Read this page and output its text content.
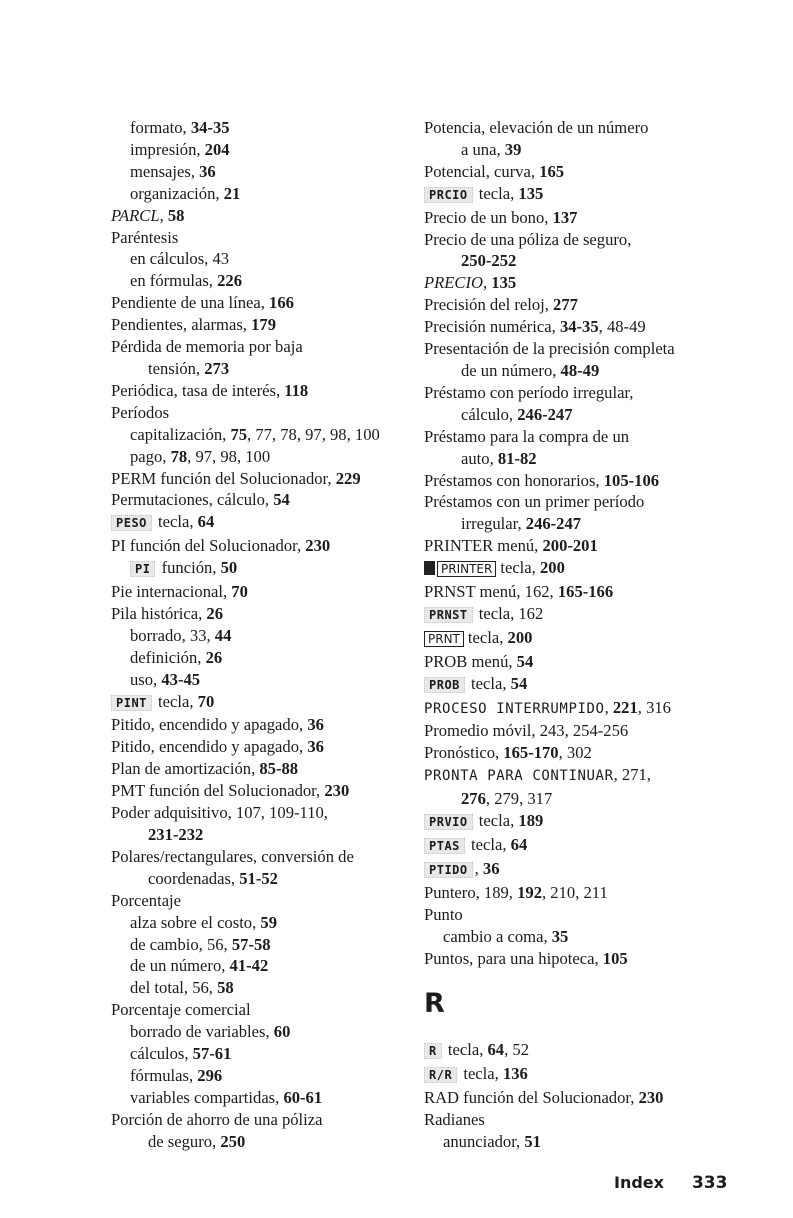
formato, 34-35
impresión, 204
mensajes, 36
organización, 21
PARCL, 58
Paréntesis
en cálculos, 43
en fórmulas, 226
Pendiente de una línea, 166
Pendientes, alarmas, 179
Pérdida de memoria por baja
tensión, 273
Periódica, tasa de interés, 118
Períodos
capitalización, 75, 77, 78, 97, 98, 100
pago, 78, 97, 98, 100
PERM función del Solucionador, 229
Permutaciones, cálculo, 54
PESO tecla, 64
PI función del Solucionador, 230
PI función, 50
Pie internacional, 70
Pila histórica, 26
borrado, 33, 44
definición, 26
uso, 43-45
PINT tecla, 70
Pitido, encendido y apagado, 36
Pitido, encendido y apagado, 36
Plan de amortización, 85-88
PMT función del Solucionador, 230
Poder adquisitivo, 107, 109-110,
231-232
Polares/rectangulares, conversión de
coordenadas, 51-52
Porcentaje
alza sobre el costo, 59
de cambio, 56, 57-58
de un número, 41-42
del total, 56, 58
Porcentaje comercial
borrado de variables, 60
cálculos, 57-61
fórmulas, 296
variables compartidas, 60-61
Porción de ahorro de una póliza
de seguro, 250
Potencia, elevación de un número
a una, 39
Potencial, curva, 165
PRCIO tecla, 135
Precio de un bono, 137
Precio de una póliza de seguro,
250-252
PRECIO, 135
Precisión del reloj, 277
Precisión numérica, 34-35, 48-49
Presentación de la precisión completa
de un número, 48-49
Préstamo con período irregular,
cálculo, 246-247
Préstamo para la compra de un
auto, 81-82
Préstamos con honorarios, 105-106
Préstamos con un primer período
irregular, 246-247
PRINTER menú, 200-201
PRINTER tecla, 200
PRNST menú, 162, 165-166
PRNST tecla, 162
PRNT tecla, 200
PROB menú, 54
PROB tecla, 54
PROCESO INTERRUMPIDO, 221, 316
Promedio móvil, 243, 254-256
Pronóstico, 165-170, 302
PRONTA PARA CONTINUAR, 271,
276, 279, 317
PRVIO tecla, 189
PTAS tecla, 64
PTIDO , 36
Puntero, 189, 192, 210, 211
Punto
cambio a coma, 35
Puntos, para una hipoteca, 105
R
R tecla, 64, 52
R/R tecla, 136
RAD función del Solucionador, 230
Radianes
anunciador, 51
Index 333
